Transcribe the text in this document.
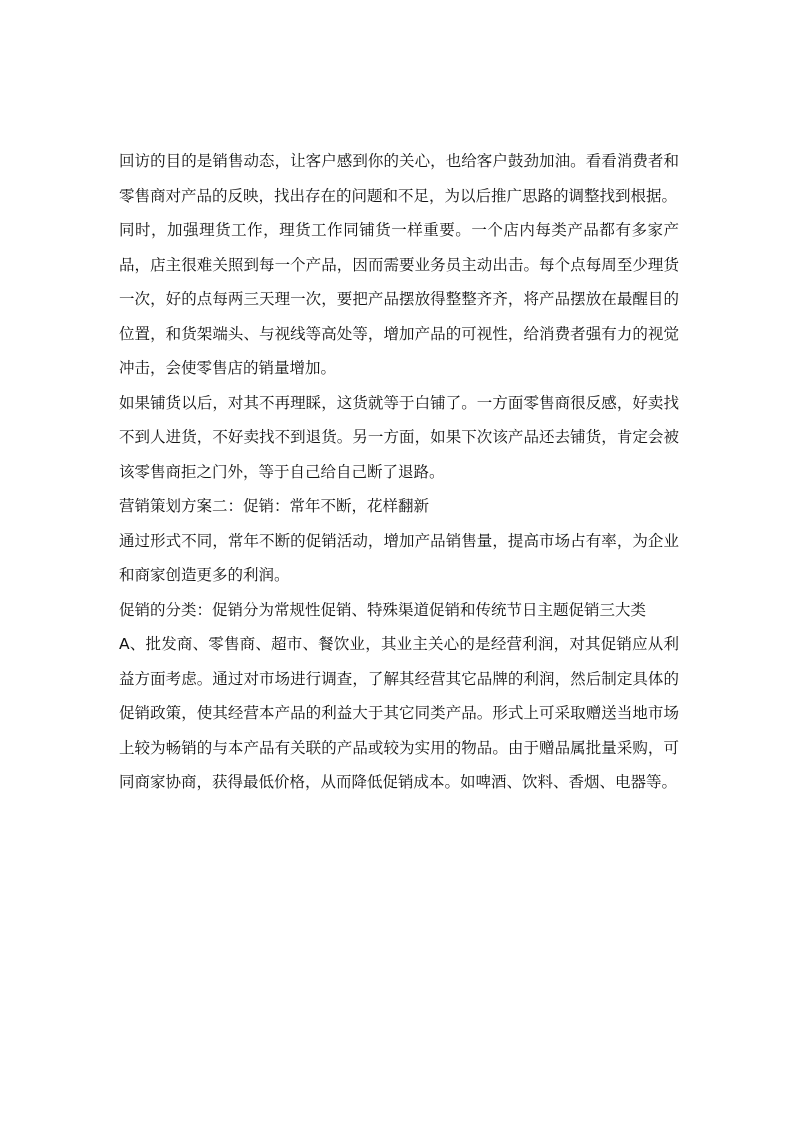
回访的目的是销售动态，让客户感到你的关心，也给客户鼓劲加油。看看消费者和零售商对产品的反映，找出存在的问题和不足，为以后推广思路的调整找到根据。

同时，加强理货工作，理货工作同铺货一样重要。一个店内每类产品都有多家产品，店主很难关照到每一个产品，因而需要业务员主动出击。每个点每周至少理货一次，好的点每两三天理一次，要把产品摆放得整整齐齐，将产品摆放在最醒目的位置，和货架端头、与视线等高处等，增加产品的可视性，给消费者强有力的视觉冲击，会使零售店的销量增加。

如果铺货以后，对其不再理睬，这货就等于白铺了。一方面零售商很反感，好卖找不到人进货，不好卖找不到退货。另一方面，如果下次该产品还去铺货，肯定会被该零售商拒之门外，等于自己给自己断了退路。

营销策划方案二：促销：常年不断，花样翻新

通过形式不同，常年不断的促销活动，增加产品销售量，提高市场占有率，为企业和商家创造更多的利润。

促销的分类：促销分为常规性促销、特殊渠道促销和传统节日主题促销三大类

A、批发商、零售商、超市、餐饮业，其业主关心的是经营利润，对其促销应从利益方面考虑。通过对市场进行调查，了解其经营其它品牌的利润，然后制定具体的促销政策，使其经营本产品的利益大于其它同类产品。形式上可采取赠送当地市场上较为畅销的与本产品有关联的产品或较为实用的物品。由于赠品属批量采购，可同商家协商，获得最低价格，从而降低促销成本。如啤酒、饮料、香烟、电器等。
